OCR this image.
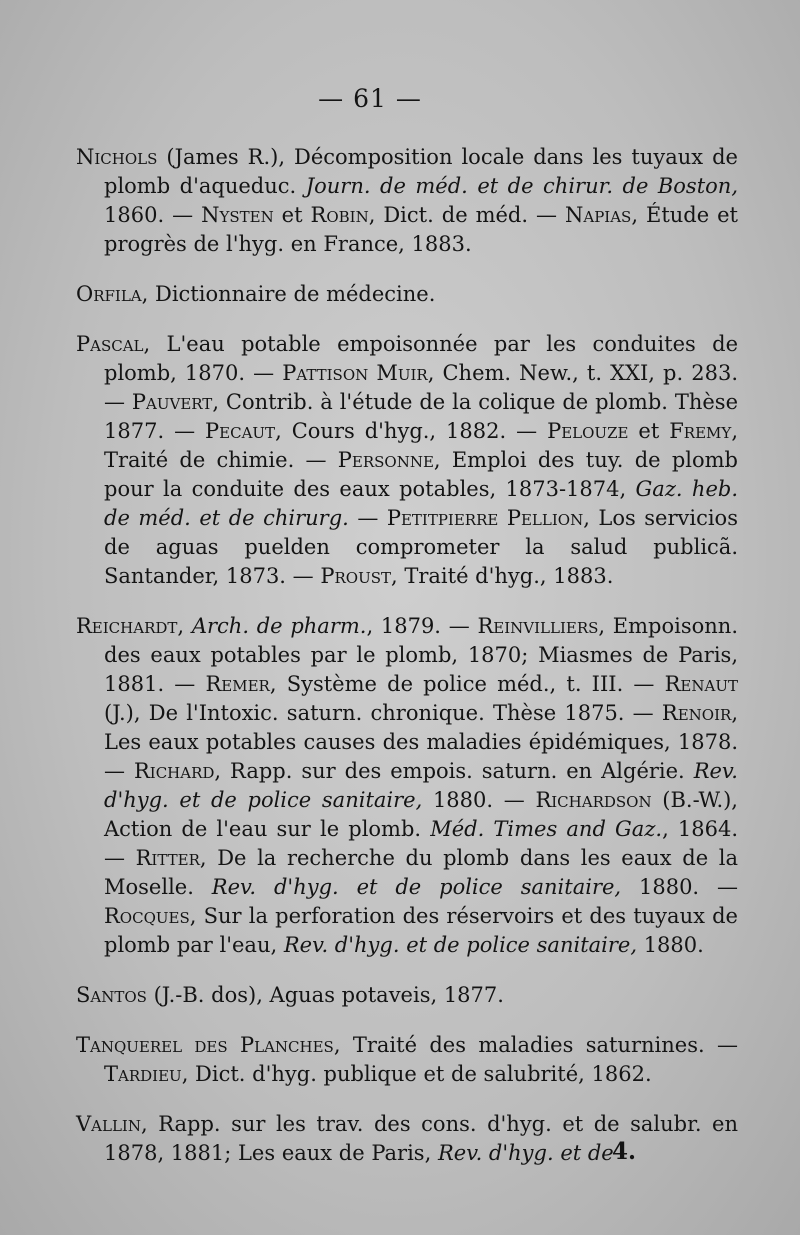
— 61 —

Nichols (James R.), Décomposition locale dans les tuyaux de plomb d'aqueduc. Journ. de méd. et de chirur. de Boston, 1860. — Nysten et Robin, Dict. de méd. — Napias, Étude et progrès de l'hyg. en France, 1883.

Orfila, Dictionnaire de médecine.

Pascal, L'eau potable empoisonnée par les conduites de plomb, 1870. — Pattison Muir, Chem. New., t. XXI, p. 283. — Pauvert, Contrib. à l'étude de la colique de plomb. Thèse 1877. — Pecaut, Cours d'hyg., 1882. — Pelouze et Fremy, Traité de chimie. — Personne, Emploi des tuy. de plomb pour la conduite des eaux potables, 1873-1874, Gaz. heb. de méd. et de chirurg. — Petitpierre Pellion, Los servicios de aguas puelden comprometer la salud publicã. Santander, 1873. — Proust, Traité d'hyg., 1883.

Reichardt, Arch. de pharm., 1879. — Reinvilliers, Empoisonn. des eaux potables par le plomb, 1870; Miasmes de Paris, 1881. — Remer, Système de police méd., t. III. — Renaut (J.), De l'Intoxic. saturn. chronique. Thèse 1875. — Renoir, Les eaux potables causes des maladies épidémiques, 1878. — Richard, Rapp. sur des empois. saturn. en Algérie. Rev. d'hyg. et de police sanitaire, 1880. — Richardson (B.-W.), Action de l'eau sur le plomb. Méd. Times and Gaz., 1864. — Ritter, De la recherche du plomb dans les eaux de la Moselle. Rev. d'hyg. et de police sanitaire, 1880. — Rocques, Sur la perforation des réservoirs et des tuyaux de plomb par l'eau, Rev. d'hyg. et de police sanitaire, 1880.

Santos (J.-B. dos), Aguas potaveis, 1877.

Tanquerel des Planches, Traité des maladies saturnines. — Tardieu, Dict. d'hyg. publique et de salubrité, 1862.

Vallin, Rapp. sur les trav. des cons. d'hyg. et de salubr. en 1878, 1881; Les eaux de Paris, Rev. d'hyg. et de

4.
